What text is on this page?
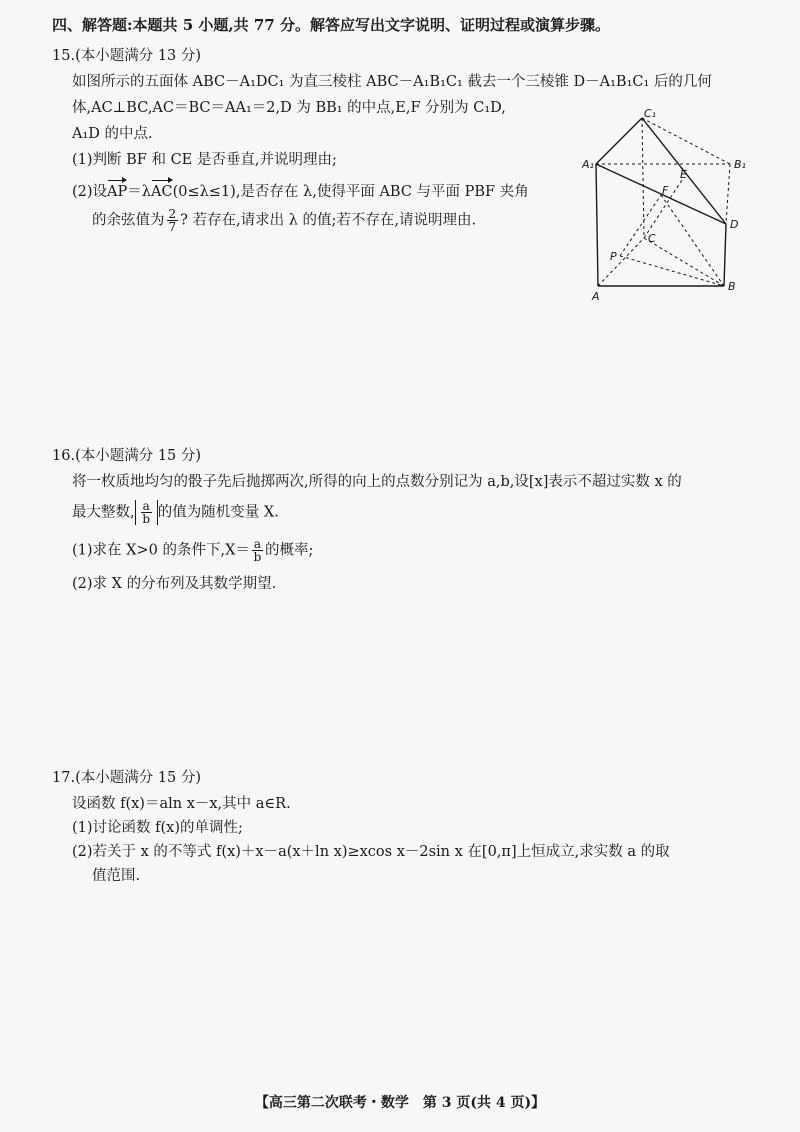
四、解答题:本题共 5 小题,共 77 分。解答应写出文字说明、证明过程或演算步骤。
15.(本小题满分 13 分)
如图所示的五面体 ABC－A₁DC₁ 为直三棱柱 ABC－A₁B₁C₁ 截去一个三棱锥 D－A₁B₁C₁ 后的几何
体,AC⊥BC,AC＝BC＝AA₁＝2,D 为 BB₁ 的中点,E,F 分别为 C₁D,
A₁D 的中点.
(1)判断 BF 和 CE 是否垂直,并说明理由;
(2)设AP＝λAC(0≤λ≤1),是否存在 λ,使得平面 ABC 与平面 PBF 夹角
的余弦值为 $\frac{2}{7}$ ? 若存在,请求出 λ 的值;若不存在,请说明理由.
C₁
A₁	B₁
E
F
D
C
P
A
B
16.(本小题满分 15 分)
将一枚质地均匀的骰子先后抛掷两次,所得的向上的点数分别记为 a,b,设[x]表示不超过实数 x 的
最大整数, $\frac{a}{b}$ 的值为随机变量 X.
(1)求在 X>0 的条件下$,X= \frac{a}{b}$ 的概率;
(2)求 X 的分布列及其数学期望.
17.(本小题满分 15 分)
设函数 f(x)＝aln x－x,其中 a∈R.
(1)讨论函数 f(x)的单调性;
(2)若关于 x 的不等式 f(x)＋x－a(x＋ln x)≥xcos x－2sin x 在[0,π]上恒成立,求实数 a 的取
值范围.
【高三第二次联考・数学　第 3 页(共 4 页)】
